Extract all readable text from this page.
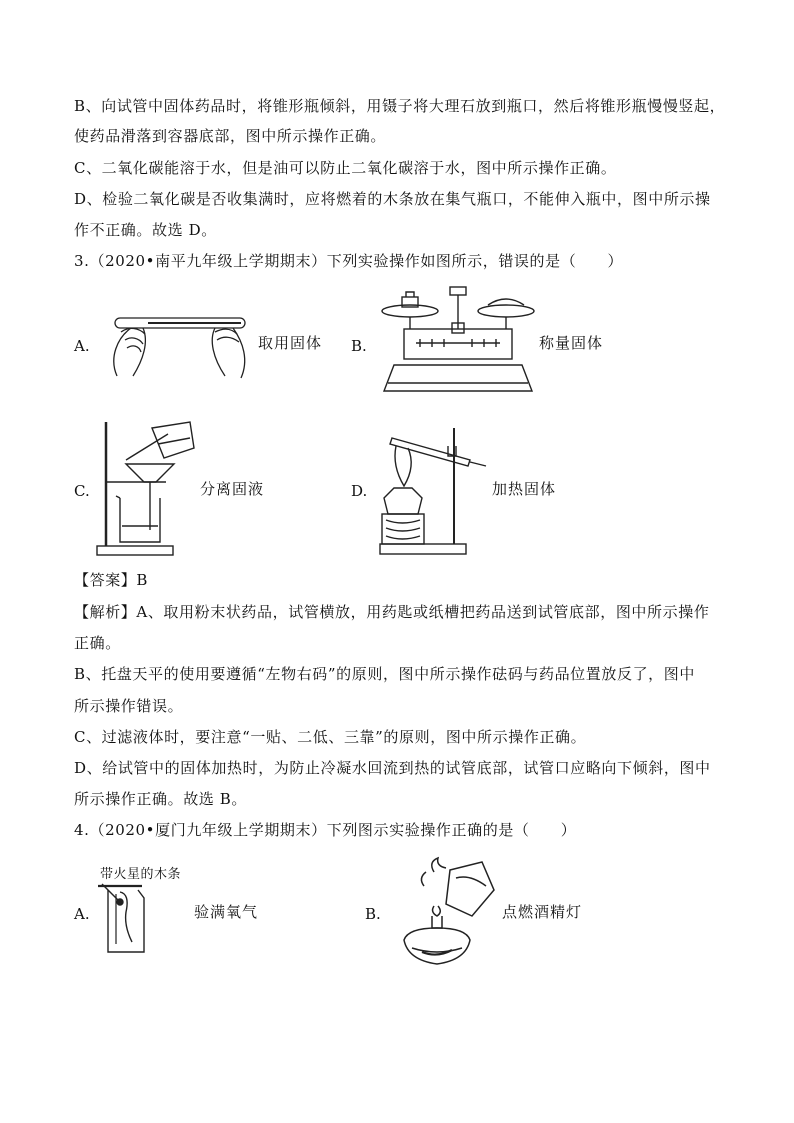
B、向试管中固体药品时，将锥形瓶倾斜，用镊子将大理石放到瓶口，然后将锥形瓶慢慢竖起，
使药品滑落到容器底部，图中所示操作正确。
C、二氧化碳能溶于水，但是油可以防止二氧化碳溶于水，图中所示操作正确。
D、检验二氧化碳是否收集满时，应将燃着的木条放在集气瓶口，不能伸入瓶中，图中所示操
作不正确。故选 D。
3.（2020•南平九年级上学期期末）下列实验操作如图所示，错误的是（　　）
A.	取用固体 B.	称量固体
C.	分离固液	D.	加热固体
【答案】B
【解析】A、取用粉末状药品，试管横放，用药匙或纸槽把药品送到试管底部，图中所示操作
正确。
B、托盘天平的使用要遵循“左物右码”的原则，图中所示操作砝码与药品位置放反了，图中
所示操作错误。
C、过滤液体时，要注意“一贴、二低、三靠”的原则，图中所示操作正确。
D、给试管中的固体加热时，为防止冷凝水回流到热的试管底部，试管口应略向下倾斜，图中
所示操作正确。故选 B。
4.（2020•厦门九年级上学期期末）下列图示实验操作正确的是（　　）
带火星的木条
A.	验满氧气	B.	点燃酒精灯
